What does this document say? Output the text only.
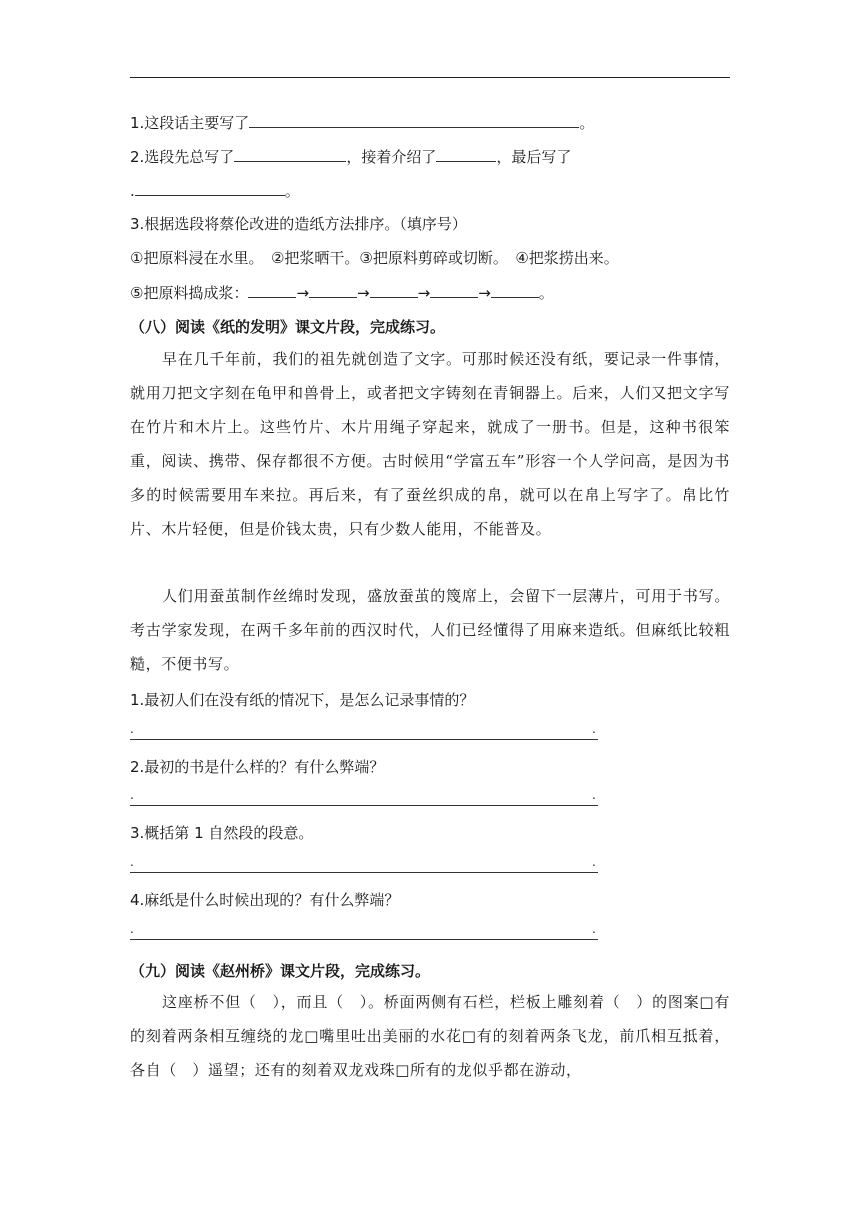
1.这段话主要写了	。
2.选段先总写了	，接着介绍了	，最后写了
.	。
3.根据选段将蔡伦改进的造纸方法排序。（填序号）
①把原料浸在水里。　②把浆晒干。③把原料剪碎或切断。　④把浆捞出来。
⑤把原料捣成浆：	→	→	→	→	。
（八）阅读《纸的发明》课文片段，完成练习。

早在几千年前，我们的祖先就创造了文字。可那时候还没有纸，要记录一件事情，就用刀把文字刻在龟甲和兽骨上，或者把文字铸刻在青铜器上。后来，人们又把文字写在竹片和木片上。这些竹片、木片用绳子穿起来，就成了一册书。但是，这种书很笨重，阅读、携带、保存都很不方便。古时候用“学富五车”形容一个人学问高，是因为书多的时候需要用车来拉。再后来，有了蚕丝织成的帛，就可以在帛上写字了。帛比竹片、木片轻便，但是价钱太贵，只有少数人能用，不能普及。

人们用蚕茧制作丝绵时发现，盛放蚕茧的篾席上，会留下一层薄片，可用于书写。考古学家发现，在两千多年前的西汉时代，人们已经懂得了用麻来造纸。但麻纸比较粗糙，不便书写。

1.最初人们在没有纸的情况下，是怎么记录事情的？
.	.
2.最初的书是什么样的？有什么弊端？
.	.
3.概括第 1 自然段的段意。
.	.
4.麻纸是什么时候出现的？有什么弊端？
.	.
（九）阅读《赵州桥》课文片段，完成练习。

这座桥不但（　），而且（　）。桥面两侧有石栏，栏板上雕刻着（　）的图案□有的刻着两条相互缠绕的龙□嘴里吐出美丽的水花□有的刻着两条飞龙，前爪相互抵着，各自（　）遥望；还有的刻着双龙戏珠□所有的龙似乎都在游动，
